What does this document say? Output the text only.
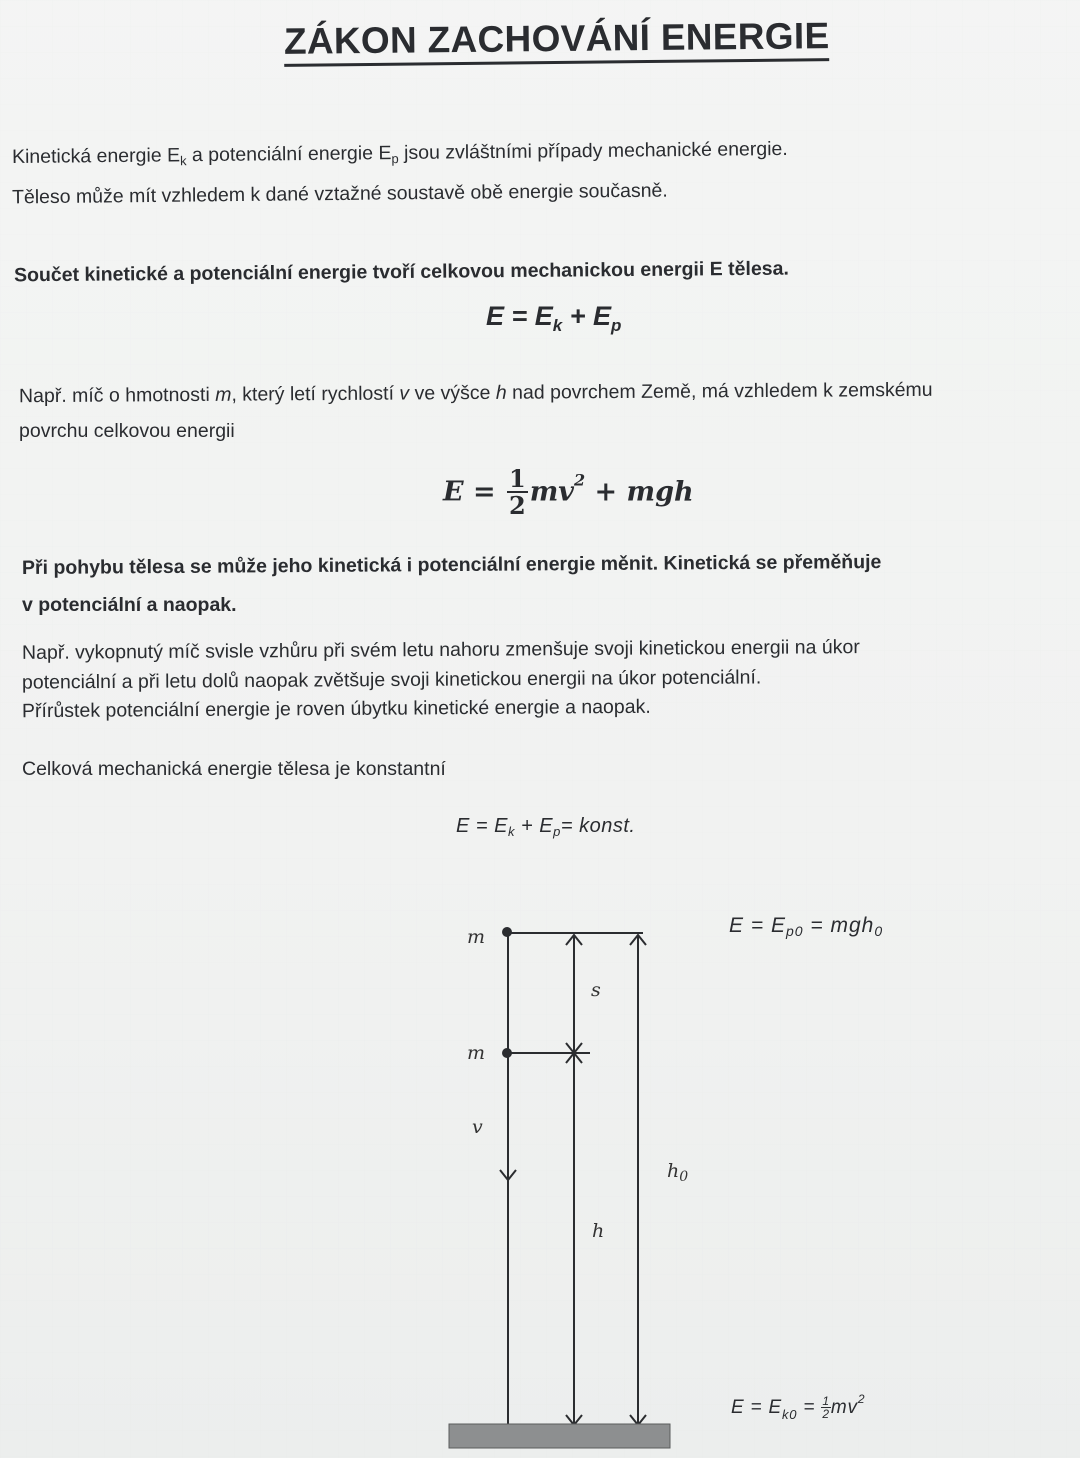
ZÁKON ZACHOVÁNÍ ENERGIE
Kinetická energie $E_k$ a potenciální energie $E_p$ jsou zvláštními případy mechanické energie.
Těleso může mít vzhledem k dané vztažné soustavě obě energie současně.
Součet kinetické a potenciální energie tvoří celkovou mechanickou energii E tělesa.
$E = E_k + E_p$
Např. míč o hmotnosti m, který letí rychlostí v ve výšce h nad povrchem Země, má vzhledem k zemskému
povrchu celkovou energii
$E = \frac{1}{2} mv^2$ + mgh
Při pohybu tělesa se může jeho kinetická i potenciální energie měnit. Kinetická se přeměňuje
v potenciální a naopak.
Např. vykopnutý míč svisle vzhůru při svém letu nahoru zmenšuje svoji kinetickou energii na úkor
potenciální a při letu dolů naopak zvětšuje svoji kinetickou energii na úkor potenciální.
Přírůstek potenciální energie je roven úbytku kinetické energie a naopak.
Celková mechanická energie tělesa je konstantní
$E = E_k + E_p=$ konst.
m
m
v
s
h
$h_0$
E = Ep0 = mgh0
$E = E_{k0} = \frac{1}{2} mv^2$
